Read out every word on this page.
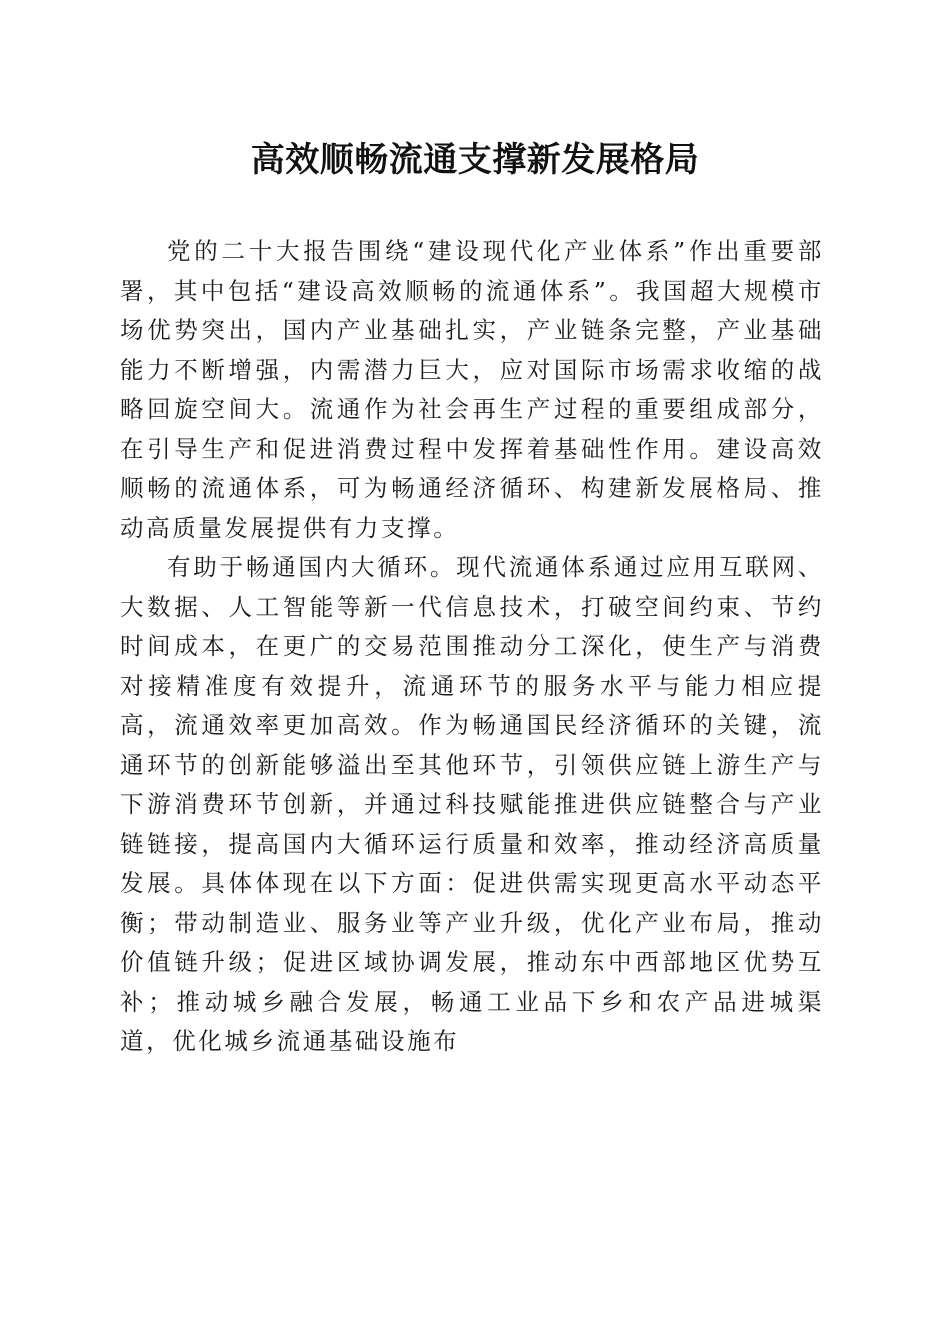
高效顺畅流通支撑新发展格局

党的二十大报告围绕“建设现代化产业体系”作出重要部署，其中包括“建设高效顺畅的流通体系”。我国超大规模市场优势突出，国内产业基础扎实，产业链条完整，产业基础能力不断增强，内需潜力巨大，应对国际市场需求收缩的战略回旋空间大。流通作为社会再生产过程的重要组成部分，在引导生产和促进消费过程中发挥着基础性作用。建设高效顺畅的流通体系，可为畅通经济循环、构建新发展格局、推动高质量发展提供有力支撑。

有助于畅通国内大循环。现代流通体系通过应用互联网、大数据、人工智能等新一代信息技术，打破空间约束、节约时间成本，在更广的交易范围推动分工深化，使生产与消费对接精准度有效提升，流通环节的服务水平与能力相应提高，流通效率更加高效。作为畅通国民经济循环的关键，流通环节的创新能够溢出至其他环节，引领供应链上游生产与下游消费环节创新，并通过科技赋能推进供应链整合与产业链链接，提高国内大循环运行质量和效率，推动经济高质量发展。具体体现在以下方面：促进供需实现更高水平动态平衡；带动制造业、服务业等产业升级，优化产业布局，推动价值链升级；促进区域协调发展，推动东中西部地区优势互补；推动城乡融合发展，畅通工业品下乡和农产品进城渠道，优化城乡流通基础设施布
